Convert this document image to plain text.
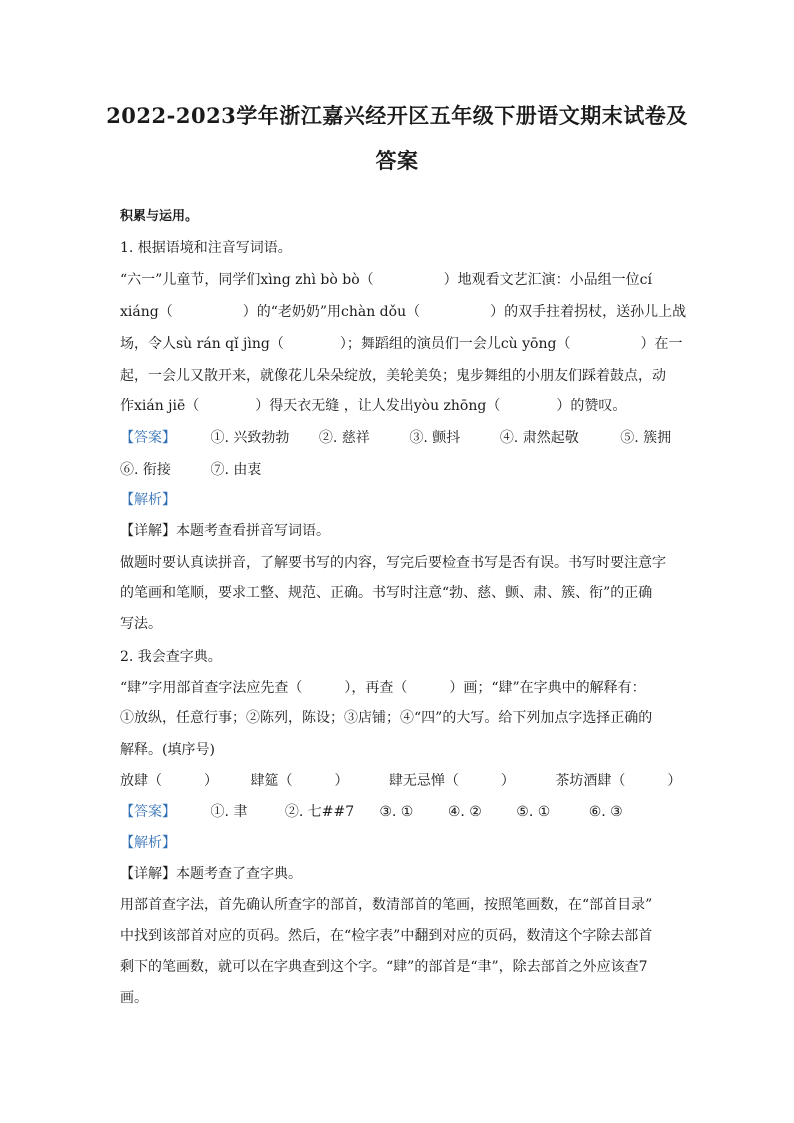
2022-2023学年浙江嘉兴经开区五年级下册语文期末试卷及
答案
积累与运用。
1. 根据语境和注音写词语。
“六一”儿童节，同学们xìng zhì bò bò（　　　　　）地观看文艺汇演：小品组一位cí
xiáng（　　　　　）的“老奶奶”用chàn dǒu（　　　　　）的双手拄着拐杖，送孙儿上战
场，令人sù rán qǐ jìng（　　　　）；舞蹈组的演员们一会儿cù yōng（　　　　　）在一
起，一会儿又散开来，就像花儿朵朵绽放，美轮美奂；鬼步舞组的小朋友们踩着鼓点，动
作xián jiē（　　　　）得天衣无缝 ，让人发出yòu zhōng（　　　　）的赞叹。
【答案】 ①. 兴致勃勃 ②. 慈祥	③. 颤抖	④. 肃然起敬	⑤. 簇拥
⑥. 衔接	⑦. 由衷
【解析】
【详解】本题考查看拼音写词语。
做题时要认真读拼音，了解要书写的内容，写完后要检查书写是否有误。书写时要注意字
的笔画和笔顺，要求工整、规范、正确。书写时注意“勃、慈、颤、肃、簇、衔”的正确
写法。
2. 我会查字典。
“肆”字用部首查字法应先查（　　　），再查（　　　）画；“肆”在字典中的解释有：
①放纵，任意行事；②陈列，陈设；③店铺；④“四”的大写。给下列加点字选择正确的
解释。(填序号)
放肆（　　　） 肆筵（　　　）	肆无忌惮（　　　）	茶坊酒肆（　　　）
【答案】 ①. 聿	②. 七##7 ③. ① ④. ② ⑤. ①	⑥. ③
【解析】
【详解】本题考查了查字典。
用部首查字法，首先确认所查字的部首，数清部首的笔画，按照笔画数，在“部首目录”
中找到该部首对应的页码。然后，在“检字表”中翻到对应的页码，数清这个字除去部首
剩下的笔画数，就可以在字典查到这个字。“肆”的部首是“聿”，除去部首之外应该查7
画。
